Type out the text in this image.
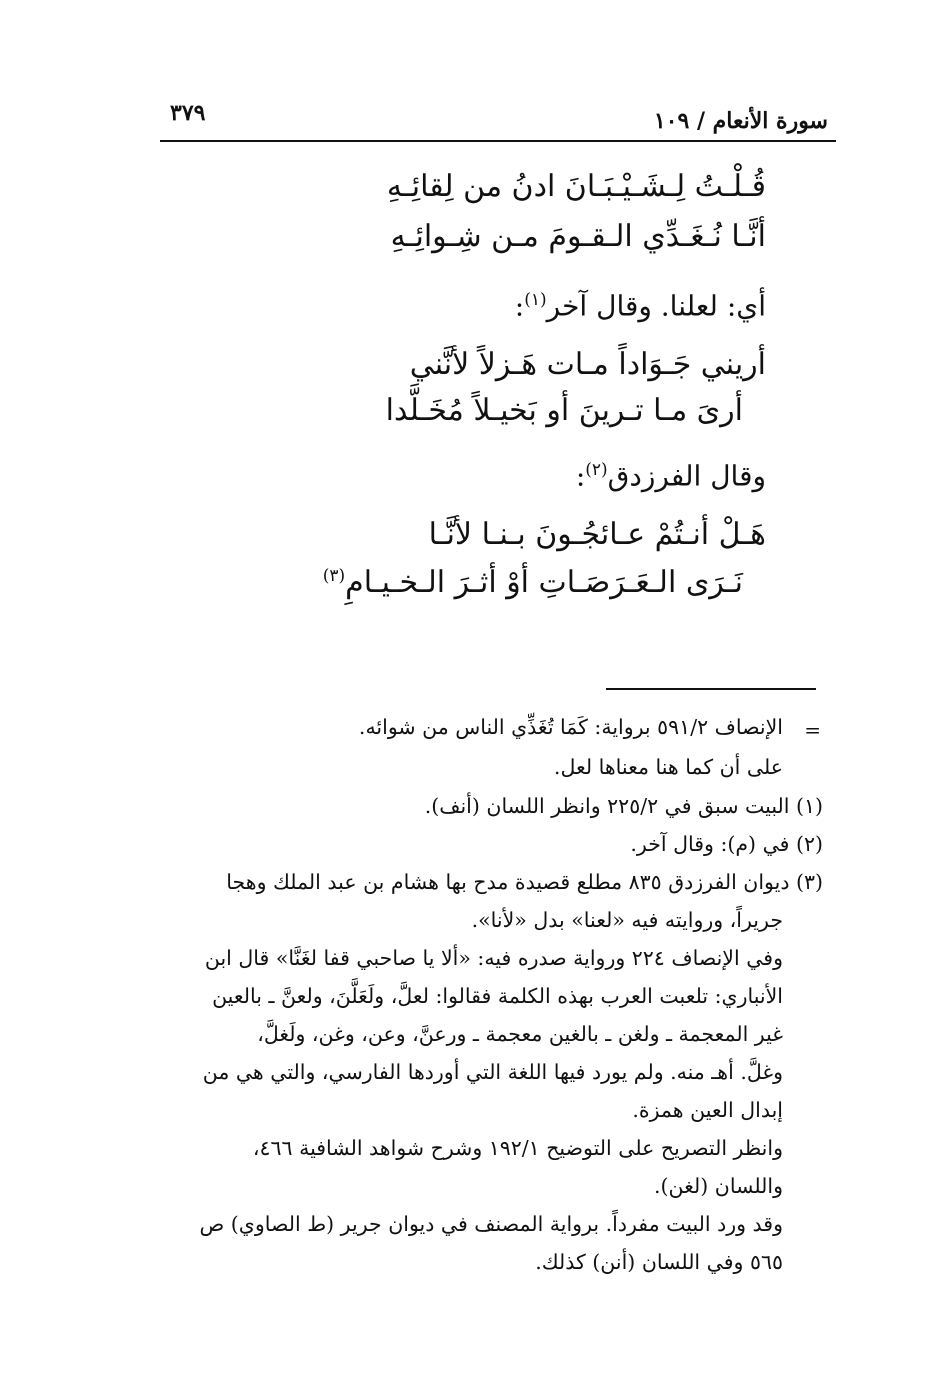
سورة الأنعام / ١٠٩
٣٧٩
قُـلْـتُ لِـشَـيْـبَـانَ ادنُ من لِقائِـهِ
أنَّـا نُـغَـدِّي الـقـومَ مـن شِـوائِـهِ
أي: لعلنا. وقال آخر$^{(١)}$:
أريني جَـوَاداً مـات هَـزلاً لأنَّني
أرىَ مـا تـرينَ أو بَخيـلاً مُخَـلَّدا
وقال الفرزدق$^{(٢)}$:
هَـلْ أنـتُمْ عـائجُـونَ بـنـا لأنَّـا
نَـرَى الـعَـرَصَـاتِ أوْ أثـرَ الـخـيـامِ$^{(٣)}$
=
الإنصاف ٥٩١/٢ برواية: كَمَا تُغَذِّي الناس من شوائه.
على أن كما هنا معناها لعل.
(١) البيت سبق في ٢٢٥/٢ وانظر اللسان (أنف).
(٢) في (م): وقال آخر.
(٣) ديوان الفرزدق ٨٣٥ مطلع قصيدة مدح بها هشام بن عبد الملك وهجا
جريراً، وروايته فيه «لعنا» بدل «لأنا».
وفي الإنصاف ٢٢٤ ورواية صدره فيه: «ألا يا صاحبي قفا لغَنَّا» قال ابن
الأنباري: تلعبت العرب بهذه الكلمة فقالوا: لعلَّ، ولَعَلَّنَ، ولعنَّ ـ بالعين
غير المعجمة ـ ولغن ـ بالغين معجمة ـ ورعنَّ، وعن، وغن، ولَغلَّ،
وغلَّ. أهـ منه. ولم يورد فيها اللغة التي أوردها الفارسي، والتي هي من
إبدال العين همزة.
وانظر التصريح على التوضيح ١٩٢/١ وشرح شواهد الشافية ٤٦٦،
واللسان (لغن).
وقد ورد البيت مفرداً. برواية المصنف في ديوان جرير (ط الصاوي) ص
٥٦٥ وفي اللسان (أنن) كذلك.
